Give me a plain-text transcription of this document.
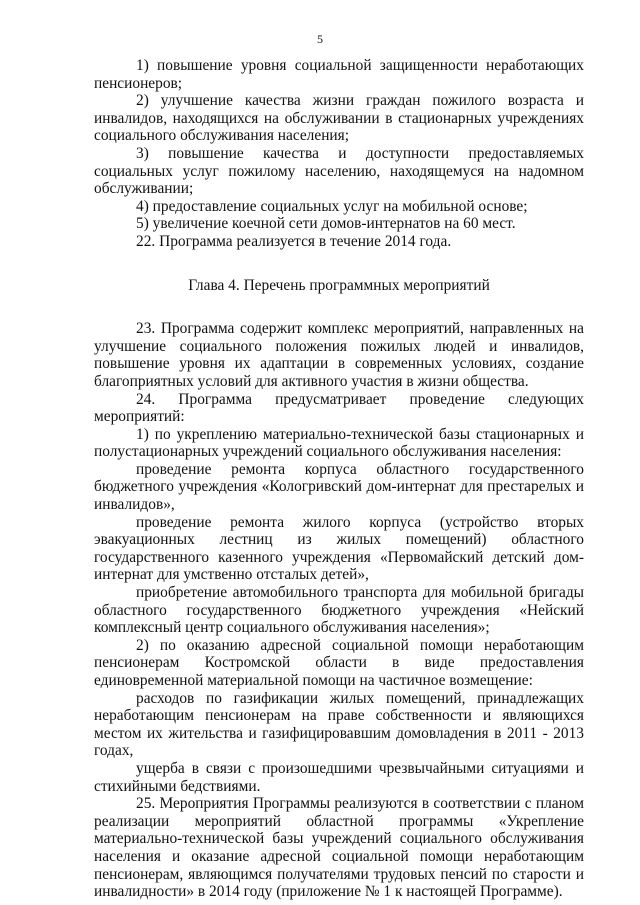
5

1) повышение уровня социальной защищенности неработающих пенсионеров;

2) улучшение качества жизни граждан пожилого возраста и инвалидов, находящихся на обслуживании в стационарных учреждениях социального обслуживания населения;

3) повышение качества и доступности предоставляемых социальных услуг пожилому населению, находящемуся на надомном обслуживании;

4) предоставление социальных услуг на мобильной основе;

5) увеличение коечной сети домов-интернатов на 60 мест.

22. Программа реализуется в течение 2014 года.

Глава 4. Перечень программных мероприятий

23. Программа содержит комплекс мероприятий, направленных на улучшение социального положения пожилых людей и инвалидов, повышение уровня их адаптации в современных условиях, создание благоприятных условий для активного участия в жизни общества.

24. Программа предусматривает проведение следующих мероприятий:

1) по укреплению материально-технической базы стационарных и полустационарных учреждений социального обслуживания населения:

проведение ремонта корпуса областного государственного бюджетного учреждения «Кологривский дом-интернат для престарелых и инвалидов»,

проведение ремонта жилого корпуса (устройство вторых эвакуационных лестниц из жилых помещений) областного государственного казенного учреждения «Первомайский детский дом-интернат для умственно отсталых детей»,

приобретение автомобильного транспорта для мобильной бригады областного государственного бюджетного учреждения «Нейский комплексный центр социального обслуживания населения»;

2) по оказанию адресной социальной помощи неработающим пенсионерам Костромской области в виде предоставления единовременной материальной помощи на частичное возмещение:

расходов по газификации жилых помещений, принадлежащих неработающим пенсионерам на праве собственности и являющихся местом их жительства и газифицировавшим домовладения в 2011 - 2013 годах,

ущерба в связи с произошедшими чрезвычайными ситуациями и стихийными бедствиями.

25. Мероприятия Программы реализуются в соответствии с планом реализации мероприятий областной программы «Укрепление материально-технической базы учреждений социального обслуживания населения и оказание адресной социальной помощи неработающим пенсионерам, являющимся получателями трудовых пенсий по старости и инвалидности» в 2014 году (приложение № 1 к настоящей Программе).
